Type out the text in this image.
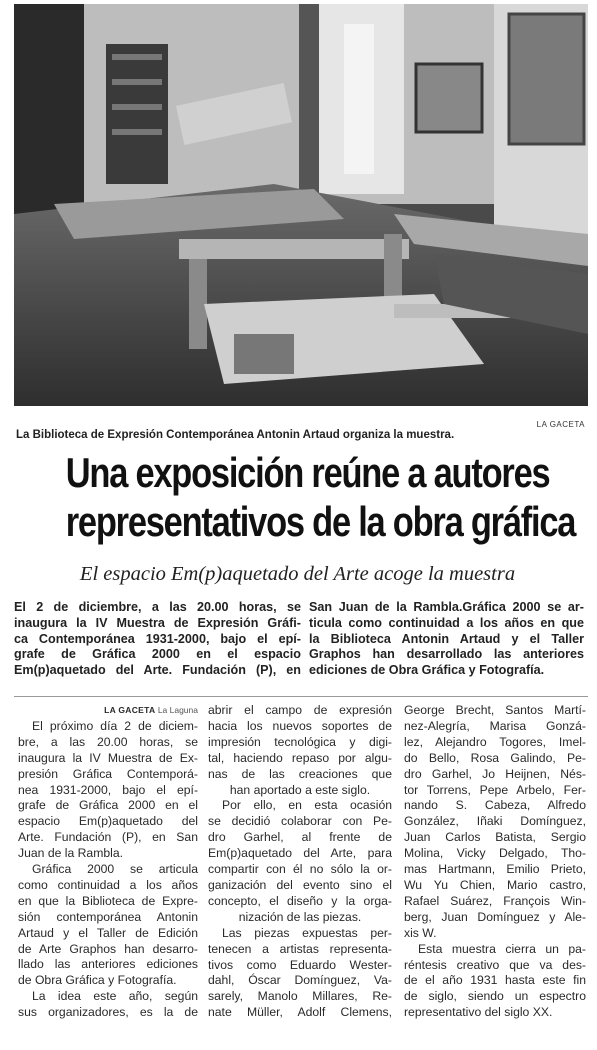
LA GACETA
La Biblioteca de Expresión Contemporánea Antonin Artaud organiza la muestra.
Una exposición reúne a autores
representativos de la obra gráfica
El espacio Em(p)aquetado del Arte acoge la muestra
El 2 de diciembre, a las 20.00 horas, se
inaugura la IV Muestra de Expresión Gráfi-
ca Contemporánea 1931-2000, bajo el epí-
grafe de Gráfica 2000 en el espacio
Em(p)aquetado del Arte. Fundación (P), en
San Juan de la Rambla.Gráfica 2000 se ar-
ticula como continuidad a los años en que
la Biblioteca Antonin Artaud y el Taller
Graphos han desarrollado las anteriores
ediciones de Obra Gráfica y Fotografía.
LA GACETA La Laguna
El próximo día 2 de diciem-
bre, a las 20.00 horas, se
inaugura la IV Muestra de Ex-
presión Gráfica Contemporá-
nea 1931-2000, bajo el epí-
grafe de Gráfica 2000 en el
espacio Em(p)aquetado del
Arte. Fundación (P), en San
Juan de la Rambla.
Gráfica 2000 se articula
como continuidad a los años
en que la Biblioteca de Expre-
sión contemporánea Antonin
Artaud y el Taller de Edición
de Arte Graphos han desarro-
llado las anteriores ediciones
de Obra Gráfica y Fotografía.
La idea este año, según
sus organizadores, es la de
abrir el campo de expresión
hacia los nuevos soportes de
impresión tecnológica y digi-
tal, haciendo repaso por algu-
nas de las creaciones que
han aportado a este siglo.
Por ello, en esta ocasión
se decidió colaborar con Pe-
dro Garhel, al frente de
Em(p)aquetado del Arte, para
compartir con él no sólo la or-
ganización del evento sino el
concepto, el diseño y la orga-
nización de las piezas.
Las piezas expuestas per-
tenecen a artistas representa-
tivos como Eduardo Wester-
dahl, Óscar Domínguez, Va-
sarely, Manolo Millares, Re-
nate Müller, Adolf Clemens,
George Brecht, Santos Martí-
nez-Alegría, Marisa Gonzá-
lez, Alejandro Togores, Imel-
do Bello, Rosa Galindo, Pe-
dro Garhel, Jo Heijnen, Nés-
tor Torrens, Pepe Arbelo, Fer-
nando S. Cabeza, Alfredo
González, Iñaki Domínguez,
Juan Carlos Batista, Sergio
Molina, Vicky Delgado, Tho-
mas Hartmann, Emilio Prieto,
Wu Yu Chien, Mario castro,
Rafael Suárez, François Win-
berg, Juan Domínguez y Ale-
xis W.
Esta muestra cierra un pa-
réntesis creativo que va des-
de el año 1931 hasta este fin
de siglo, siendo un espectro
representativo del siglo XX.
